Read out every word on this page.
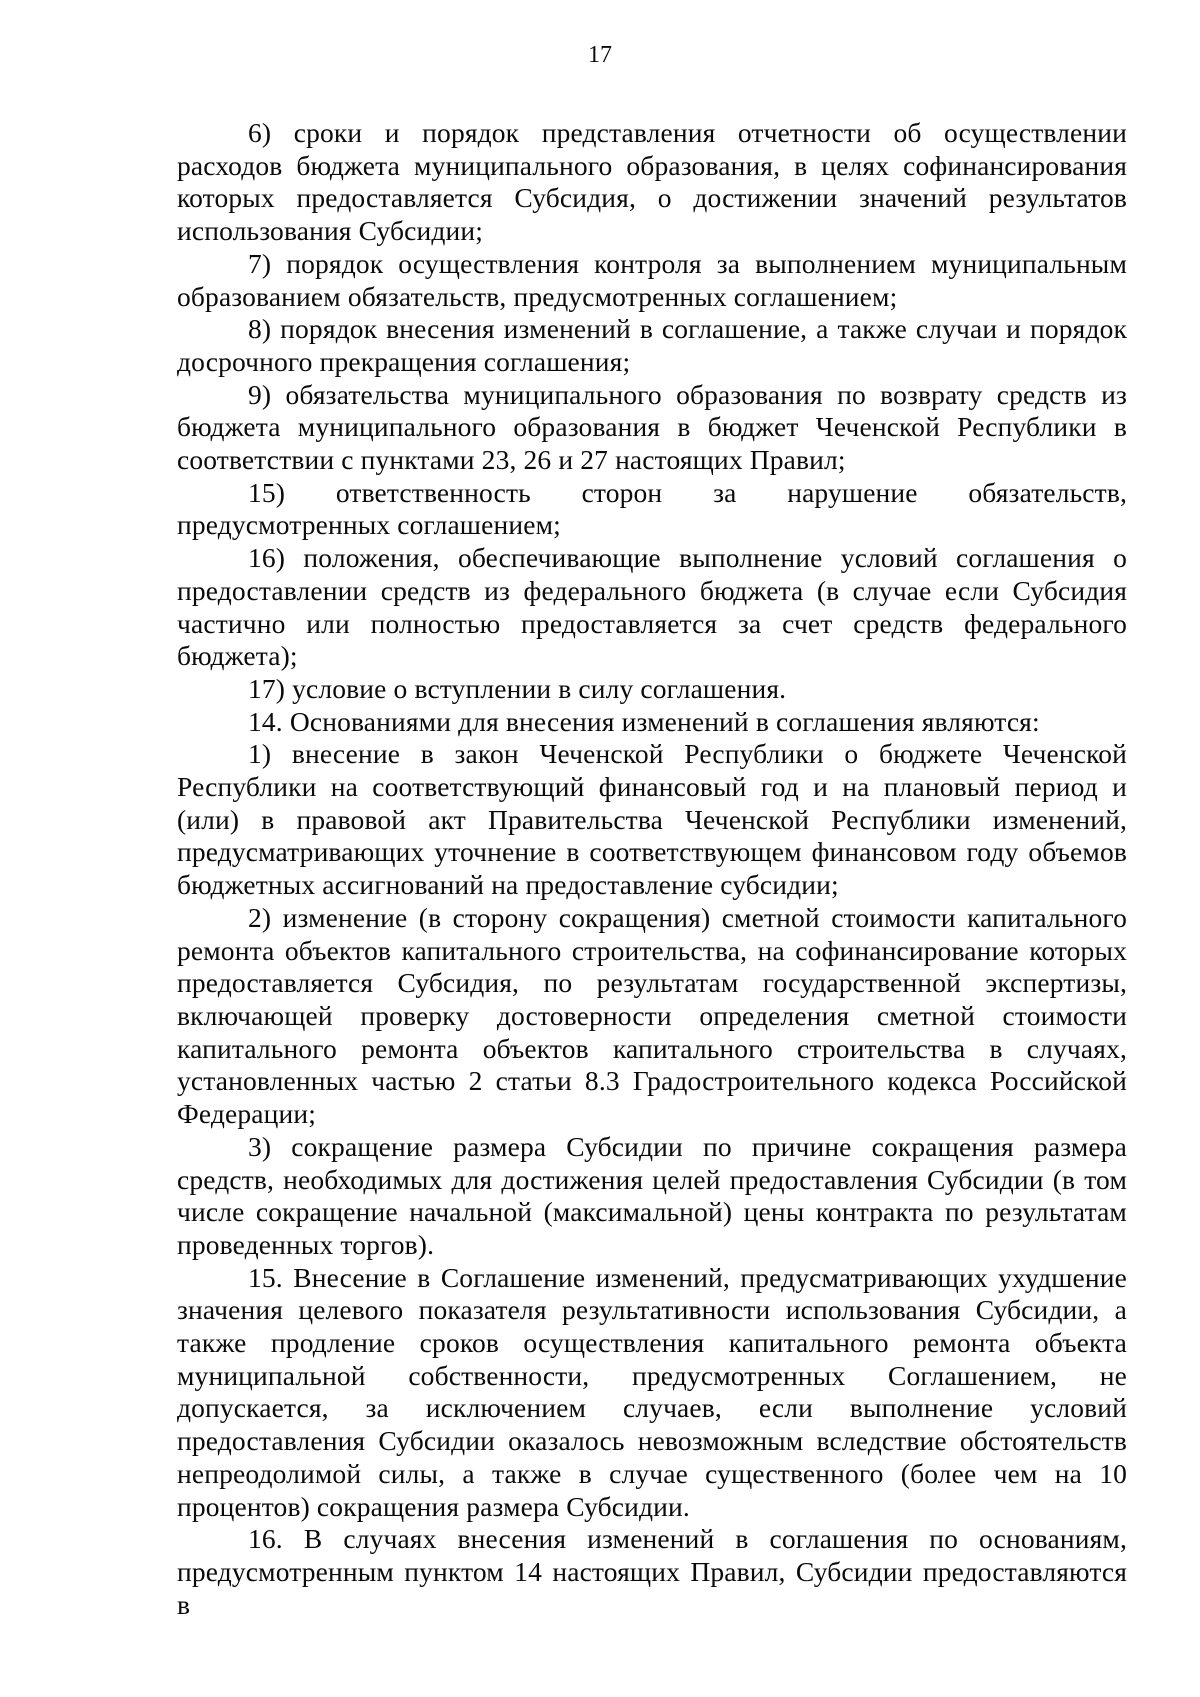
17

6) сроки и порядок представления отчетности об осуществлении расходов бюджета муниципального образования, в целях софинансирования которых предоставляется Субсидия, о достижении значений результатов использования Субсидии;

7) порядок осуществления контроля за выполнением муниципальным образованием обязательств, предусмотренных соглашением;

8) порядок внесения изменений в соглашение, а также случаи и порядок досрочного прекращения соглашения;

9) обязательства муниципального образования по возврату средств из бюджета муниципального образования в бюджет Чеченской Республики в соответствии с пунктами 23, 26 и 27 настоящих Правил;

15) ответственность сторон за нарушение обязательств, предусмотренных соглашением;

16) положения, обеспечивающие выполнение условий соглашения о предоставлении средств из федерального бюджета (в случае если Субсидия частично или полностью предоставляется за счет средств федерального бюджета);

17) условие о вступлении в силу соглашения.

14. Основаниями для внесения изменений в соглашения являются:

1) внесение в закон Чеченской Республики о бюджете Чеченской Республики на соответствующий финансовый год и на плановый период и (или) в правовой акт Правительства Чеченской Республики изменений, предусматривающих уточнение в соответствующем финансовом году объемов бюджетных ассигнований на предоставление субсидии;

2) изменение (в сторону сокращения) сметной стоимости капитального ремонта объектов капитального строительства, на софинансирование которых предоставляется Субсидия, по результатам государственной экспертизы, включающей проверку достоверности определения сметной стоимости капитального ремонта объектов капитального строительства в случаях, установленных частью 2 статьи 8.3 Градостроительного кодекса Российской Федерации;

3) сокращение размера Субсидии по причине сокращения размера средств, необходимых для достижения целей предоставления Субсидии (в том числе сокращение начальной (максимальной) цены контракта по результатам проведенных торгов).

15. Внесение в Соглашение изменений, предусматривающих ухудшение значения целевого показателя результативности использования Субсидии, а также продление сроков осуществления капитального ремонта объекта муниципальной собственности, предусмотренных Соглашением, не допускается, за исключением случаев, если выполнение условий предоставления Субсидии оказалось невозможным вследствие обстоятельств непреодолимой силы, а также в случае существенного (более чем на 10 процентов) сокращения размера Субсидии.

16. В случаях внесения изменений в соглашения по основаниям, предусмотренным пунктом 14 настоящих Правил, Субсидии предоставляются в
